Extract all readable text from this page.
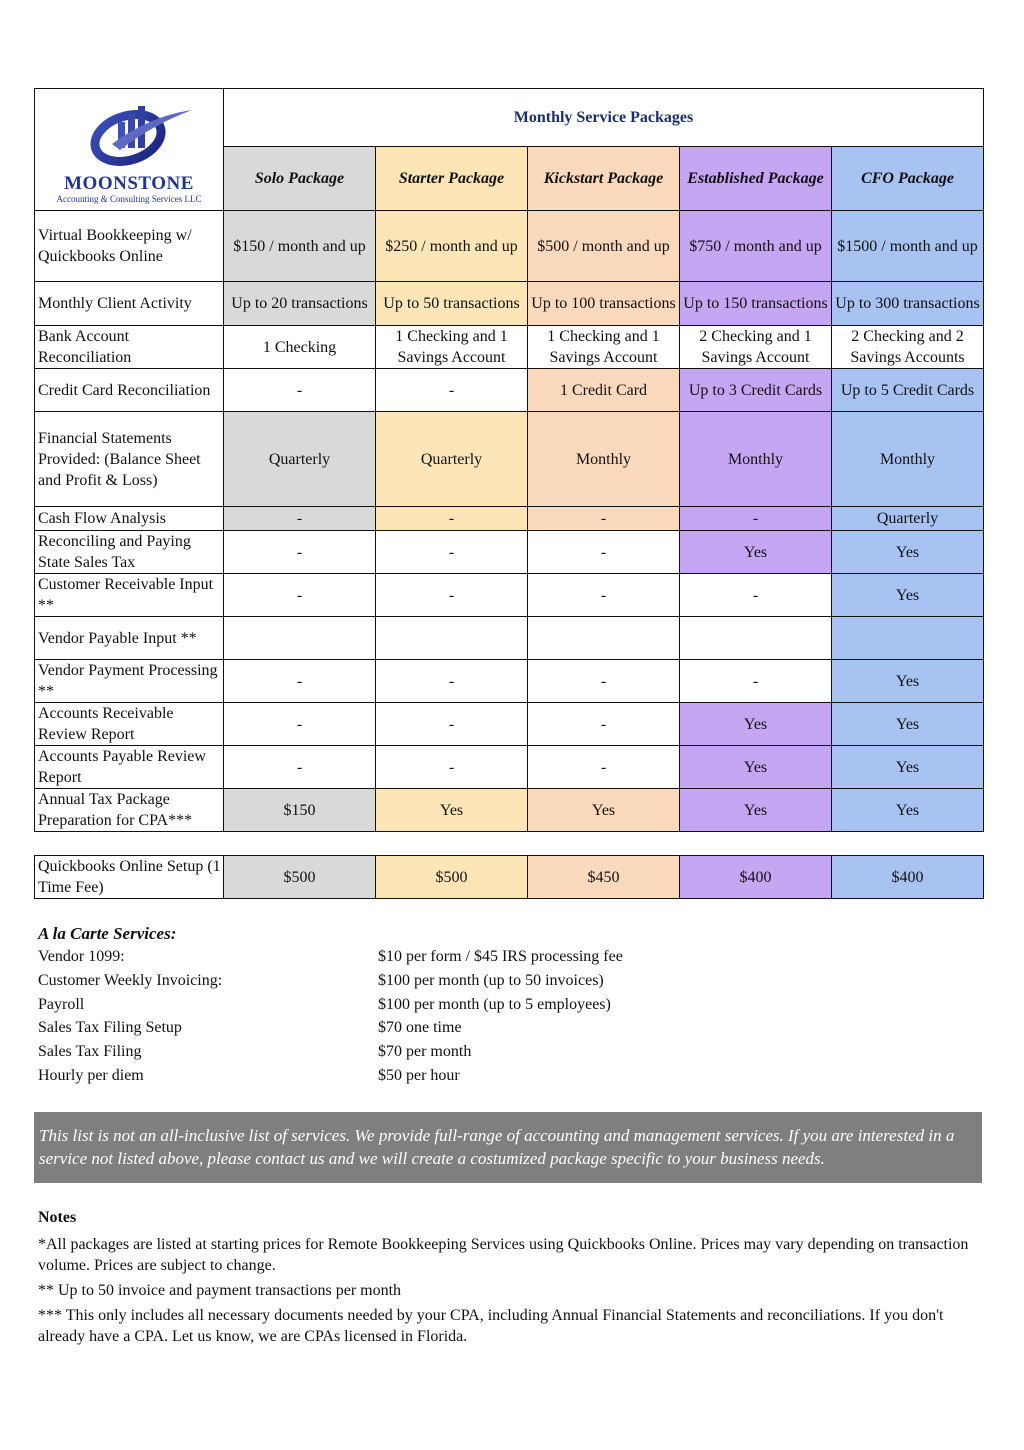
MOONSTONE
Accounting & Consulting Services LLC	Monthly Service Packages				
	Solo Package	Starter Package	Kickstart Package	Established Package	CFO Package
Virtual Bookkeeping w/ Quickbooks Online	$150 / month and up	$250 / month and up	$500 / month and up	$750 / month and up	$1500 / month and up
Monthly Client Activity	Up to 20 transactions	Up to 50 transactions	Up to 100 transactions	Up to 150 transactions	Up to 300 transactions
Bank Account Reconciliation	1 Checking	1 Checking and 1 Savings Account	1 Checking and 1 Savings Account	2 Checking and 1 Savings Account	2 Checking and 2 Savings Accounts
Credit Card Reconciliation	-	-	1 Credit Card	Up to 3 Credit Cards	Up to 5 Credit Cards
Financial Statements Provided: (Balance Sheet and Profit & Loss)	Quarterly	Quarterly	Monthly	Monthly	Monthly
Cash Flow Analysis	-	-	-	-	Quarterly
Reconciling and Paying State Sales Tax	-	-	-	Yes	Yes
Customer Receivable Input **	-	-	-	-	Yes
Vendor Payable Input **					
Vendor Payment Processing **	-	-	-	-	Yes
Accounts Receivable Review Report	-	-	-	Yes	Yes
Accounts Payable Review Report	-	-	-	Yes	Yes
Annual Tax Package Preparation for CPA***	$150	Yes	Yes	Yes	Yes
Quickbooks Online Setup (1 Time Fee)	$500	$500	$450	$400	$400
A la Carte Services:
Vendor 1099:	$10 per form / $45 IRS processing fee
Customer Weekly Invoicing:	$100 per month (up to 50 invoices)
Payroll	$100 per month (up to 5 employees)
Sales Tax Filing Setup	$70 one time
Sales Tax Filing	$70 per month
Hourly per diem	$50 per hour
This list is not an all-inclusive list of services. We provide full-range of accounting and management services. If you are interested in a service not listed above, please contact us and we will create a costumized package specific to your business needs.
Notes
*All packages are listed at starting prices for Remote Bookkeeping Services using Quickbooks Online. Prices may vary depending on transaction volume. Prices are subject to change.
** Up to 50 invoice and payment transactions per month
*** This only includes all necessary documents needed by your CPA, including Annual Financial Statements and reconciliations. If you don't already have a CPA. Let us know, we are CPAs licensed in Florida.
